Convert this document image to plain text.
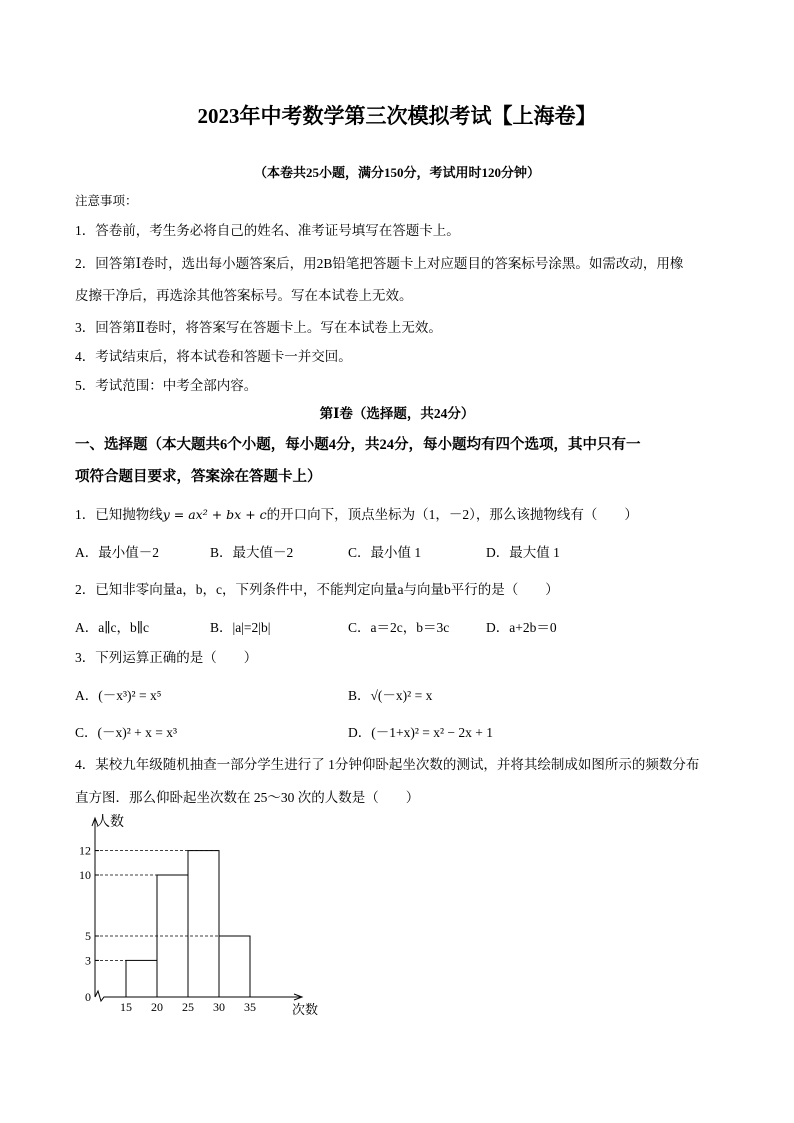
2023年中考数学第三次模拟考试【上海卷】
（本卷共25小题，满分150分，考试用时120分钟）
注意事项：
1．答卷前，考生务必将自己的姓名、准考证号填写在答题卡上。
2．回答第Ⅰ卷时，选出每小题答案后，用2B铅笔把答题卡上对应题目的答案标号涂黑。如需改动，用橡
皮擦干净后，再选涂其他答案标号。写在本试卷上无效。
3．回答第Ⅱ卷时，将答案写在答题卡上。写在本试卷上无效。
4．考试结束后，将本试卷和答题卡一并交回。
5．考试范围：中考全部内容。
第Ⅰ卷（选择题，共24分）
一、选择题（本大题共6个小题，每小题4分，共24分，每小题均有四个选项，其中只有一
项符合题目要求，答案涂在答题卡上）
1．已知抛物线y = ax² + bx + c的开口向下，顶点坐标为（1，－2），那么该抛物线有（　　）
A．最小值－2	B．最大值－2	C．最小值 1	D．最大值 1
2．已知非零向量a，b，c，下列条件中，不能判定向量a与向量b平行的是（　　）
A．a∥c，b∥c	B．|a|=2|b|	C．a＝2c，b＝3c	D．a+2b＝0
3．下列运算正确的是（　　）
A．(－x³)² = x⁵	B．√(－x)² = x
C．(－x)² + x = x³	D．(－1+x)² = x² − 2x + 1
4．某校九年级随机抽查一部分学生进行了 1分钟仰卧起坐次数的测试，并将其绘制成如图所示的频数分布
直方图．那么仰卧起坐次数在 25～30 次的人数是（　　）
人数
次数
0
3
5
10
12
15 20 25 30 35
